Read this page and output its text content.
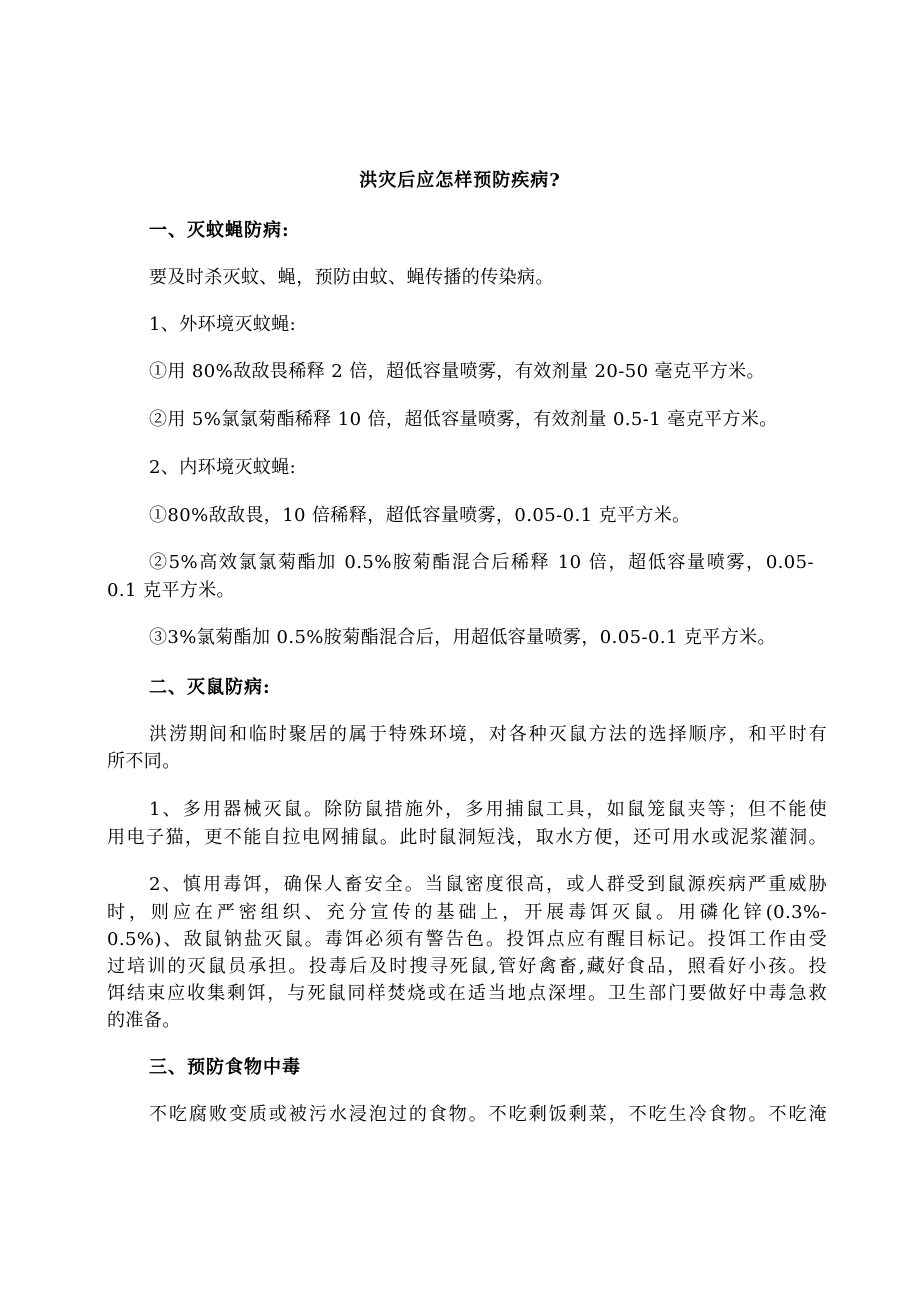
洪灾后应怎样预防疾病?
一、灭蚊蝇防病:
要及时杀灭蚊、蝇，预防由蚊、蝇传播的传染病。
1、外环境灭蚊蝇:
①用 80%敌敌畏稀释 2 倍，超低容量喷雾，有效剂量 20-50 毫克平方米。
②用 5%氯氯菊酯稀释 10 倍，超低容量喷雾，有效剂量 0.5-1 毫克平方米。
2、内环境灭蚊蝇:
①80%敌敌畏，10 倍稀释，超低容量喷雾，0.05-0.1 克平方米。
②5%高效氯氯菊酯加 0.5%胺菊酯混合后稀释 10 倍，超低容量喷雾，0.05-
0.1 克平方米。
③3%氯菊酯加 0.5%胺菊酯混合后，用超低容量喷雾，0.05-0.1 克平方米。
二、灭鼠防病:
洪涝期间和临时聚居的属于特殊环境，对各种灭鼠方法的选择顺序，和平时有
所不同。
1、多用器械灭鼠。除防鼠措施外，多用捕鼠工具，如鼠笼鼠夹等；但不能使
用电子猫，更不能自拉电网捕鼠。此时鼠洞短浅，取水方便，还可用水或泥浆灌洞。
2、慎用毒饵，确保人畜安全。当鼠密度很高，或人群受到鼠源疾病严重威胁
时，则应在严密组织、充分宣传的基础上，开展毒饵灭鼠。用磷化锌(0.3%-
0.5%)、敌鼠钠盐灭鼠。毒饵必须有警告色。投饵点应有醒目标记。投饵工作由受
过培训的灭鼠员承担。投毒后及时搜寻死鼠,管好禽畜,藏好食品，照看好小孩。投
饵结束应收集剩饵，与死鼠同样焚烧或在适当地点深埋。卫生部门要做好中毒急救
的准备。
三、预防食物中毒
不吃腐败变质或被污水浸泡过的食物。不吃剩饭剩菜，不吃生冷食物。不吃淹
